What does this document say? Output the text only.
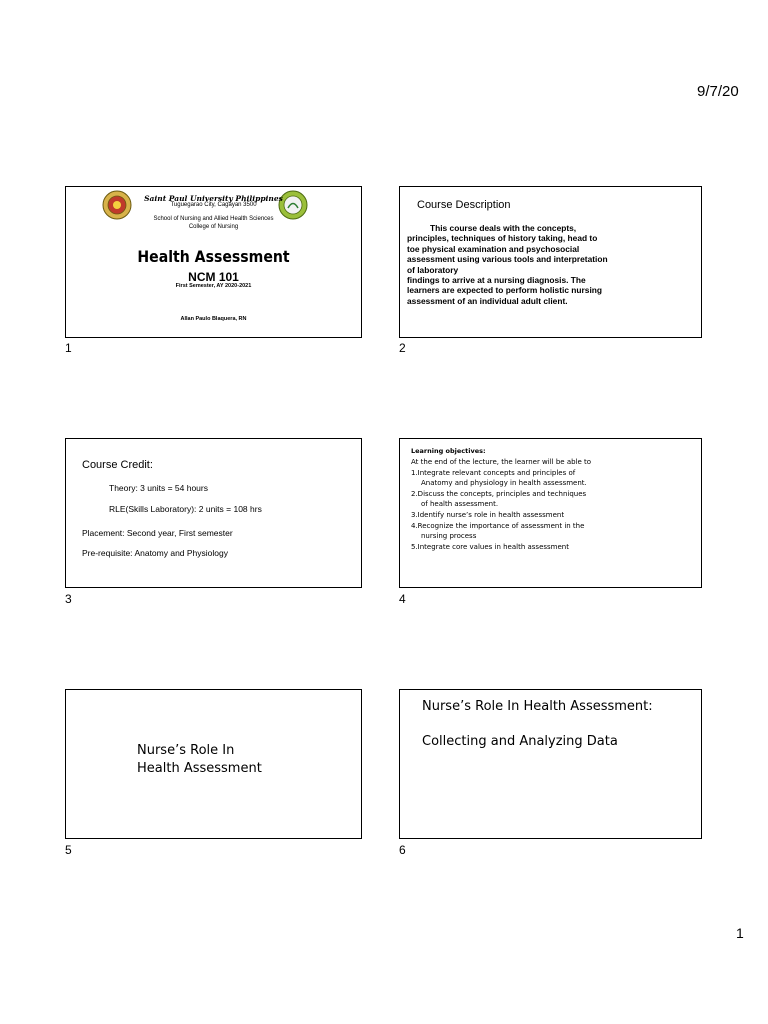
9/7/20
Saint Paul University Philippines
Tuguegarao City, Cagayan 3500
School of Nursing and Allied Health Sciences
College of Nursing
Health Assessment
NCM 101
First Semester, AY 2020-2021
Allan Paulo Blaquera, RN
1
Course Description
This course deals with the concepts,
principles, techniques of history taking, head to
toe physical examination and psychosocial
assessment using various tools and interpretation
of laboratory
findings to arrive at a nursing diagnosis. The
learners are expected to perform holistic nursing
assessment of an individual adult client.
2
Course Credit:
Theory: 3 units = 54 hours
RLE(Skills Laboratory): 2 units = 108 hrs
Placement: Second year, First semester
Pre-requisite: Anatomy and Physiology
3
Learning objectives:
At the end of the lecture, the learner will be able to
1.Integrate relevant concepts and principles of
Anatomy and physiology in health assessment.
2.Discuss the concepts, principles and techniques
of health assessment.
3.Identify nurse’s role in health assessment
4.Recognize the importance of assessment in the
nursing process
5.Integrate core values in health assessment
4
Nurse’s Role In
Health Assessment
5
Nurse’s Role In Health Assessment:
Collecting and Analyzing Data
6
1
